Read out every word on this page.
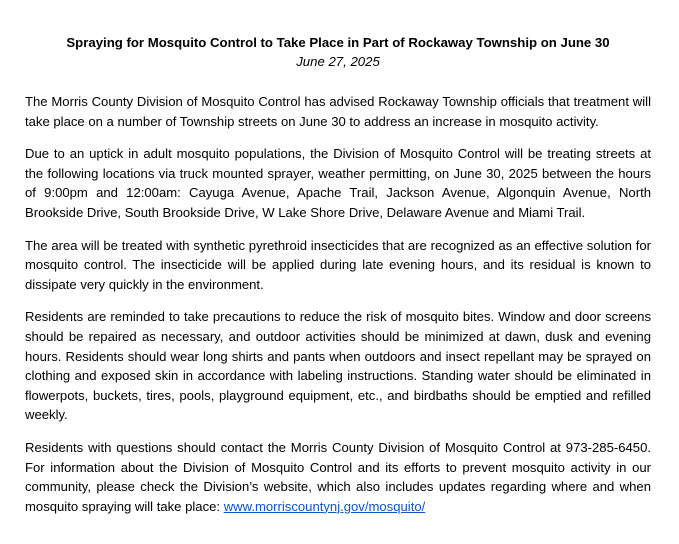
Spraying for Mosquito Control to Take Place in Part of Rockaway Township on June 30

June 27, 2025

The Morris County Division of Mosquito Control has advised Rockaway Township officials that treatment will take place on a number of Township streets on June 30 to address an increase in mosquito activity.

Due to an uptick in adult mosquito populations, the Division of Mosquito Control will be treating streets at the following locations via truck mounted sprayer, weather permitting, on June 30, 2025 between the hours of 9:00pm and 12:00am: Cayuga Avenue, Apache Trail, Jackson Avenue, Algonquin Avenue, North Brookside Drive, South Brookside Drive, W Lake Shore Drive, Delaware Avenue and Miami Trail.

The area will be treated with synthetic pyrethroid insecticides that are recognized as an effective solution for mosquito control. The insecticide will be applied during late evening hours, and its residual is known to dissipate very quickly in the environment.

Residents are reminded to take precautions to reduce the risk of mosquito bites. Window and door screens should be repaired as necessary, and outdoor activities should be minimized at dawn, dusk and evening hours. Residents should wear long shirts and pants when outdoors and insect repellant may be sprayed on clothing and exposed skin in accordance with labeling instructions. Standing water should be eliminated in flowerpots, buckets, tires, pools, playground equipment, etc., and birdbaths should be emptied and refilled weekly.

Residents with questions should contact the Morris County Division of Mosquito Control at 973-285-6450. For information about the Division of Mosquito Control and its efforts to prevent mosquito activity in our community, please check the Division’s website, which also includes updates regarding where and when mosquito spraying will take place: www.morriscountynj.gov/mosquito/
